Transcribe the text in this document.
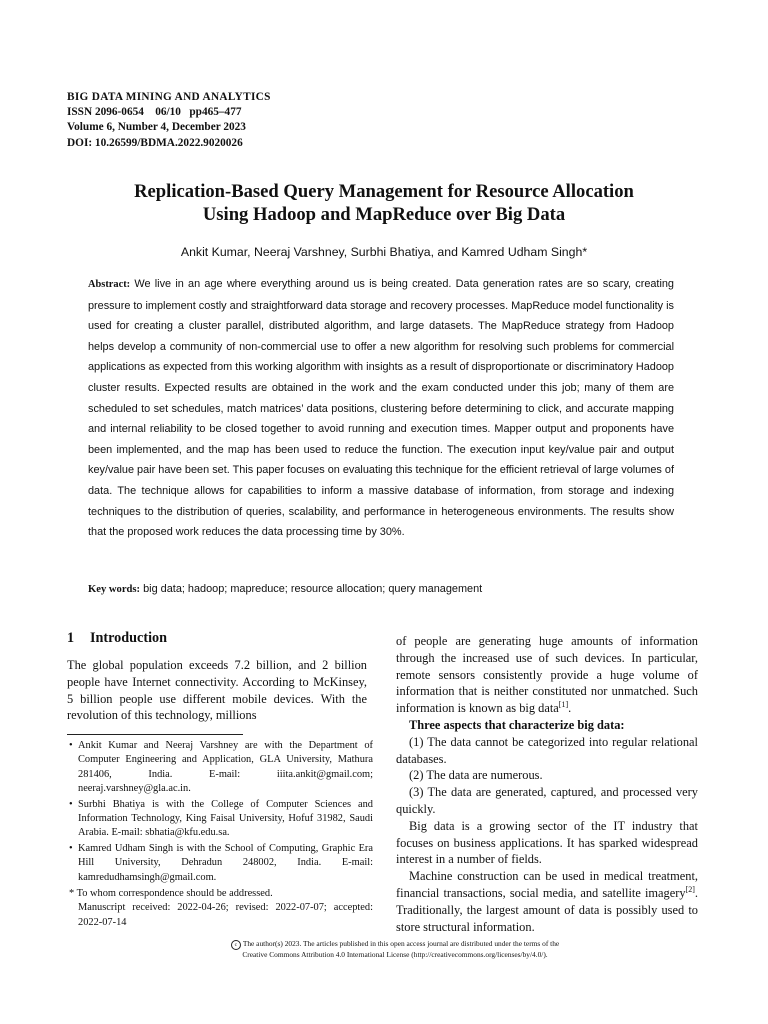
BIG DATA MINING AND ANALYTICS
ISSN 2096-0654    06/10   pp465–477
Volume 6, Number 4, December 2023
DOI: 10.26599/BDMA.2022.9020026
Replication-Based Query Management for Resource Allocation
Using Hadoop and MapReduce over Big Data
Ankit Kumar, Neeraj Varshney, Surbhi Bhatiya, and Kamred Udham Singh*
Abstract: We live in an age where everything around us is being created. Data generation rates are so scary, creating pressure to implement costly and straightforward data storage and recovery processes. MapReduce model functionality is used for creating a cluster parallel, distributed algorithm, and large datasets. The MapReduce strategy from Hadoop helps develop a community of non-commercial use to offer a new algorithm for resolving such problems for commercial applications as expected from this working algorithm with insights as a result of disproportionate or discriminatory Hadoop cluster results. Expected results are obtained in the work and the exam conducted under this job; many of them are scheduled to set schedules, match matrices’ data positions, clustering before determining to click, and accurate mapping and internal reliability to be closed together to avoid running and execution times. Mapper output and proponents have been implemented, and the map has been used to reduce the function. The execution input key/value pair and output key/value pair have been set. This paper focuses on evaluating this technique for the efficient retrieval of large volumes of data. The technique allows for capabilities to inform a massive database of information, from storage and indexing techniques to the distribution of queries, scalability, and performance in heterogeneous environments. The results show that the proposed work reduces the data processing time by 30%.
Key words: big data; hadoop; mapreduce; resource allocation; query management
1 Introduction

The global population exceeds 7.2 billion, and 2 billion people have Internet connectivity. According to McKinsey, 5 billion people use different mobile devices. With the revolution of this technology, millions

• Ankit Kumar and Neeraj Varshney are with the Department of Computer Engineering and Application, GLA University, Mathura 281406, India. E-mail: iiita.ankit@gmail.com; neeraj.varshney@gla.ac.in.
• Surbhi Bhatiya is with the College of Computer Sciences and Information Technology, King Faisal University, Hofuf 31982, Saudi Arabia. E-mail: sbhatia@kfu.edu.sa.
• Kamred Udham Singh is with the School of Computing, Graphic Era Hill University, Dehradun 248002, India. E-mail: kamredudhamsingh@gmail.com.
* To whom correspondence should be addressed.
Manuscript received: 2022-04-26; revised: 2022-07-07; accepted: 2022-07-14

of people are generating huge amounts of information through the increased use of such devices. In particular, remote sensors consistently provide a huge volume of information that is neither constituted nor unmatched. Such information is known as big data[1].

Three aspects that characterize big data:

(1) The data cannot be categorized into regular relational databases.

(2) The data are numerous.

(3) The data are generated, captured, and processed very quickly.

Big data is a growing sector of the IT industry that focuses on business applications. It has sparked widespread interest in a number of fields.

Machine construction can be used in medical treatment, financial transactions, social media, and satellite imagery[2]. Traditionally, the largest amount of data is possibly used to store structural information.

c The author(s) 2023. The articles published in this open access journal are distributed under the terms of the
Creative Commons Attribution 4.0 International License (http://creativecommons.org/licenses/by/4.0/).
